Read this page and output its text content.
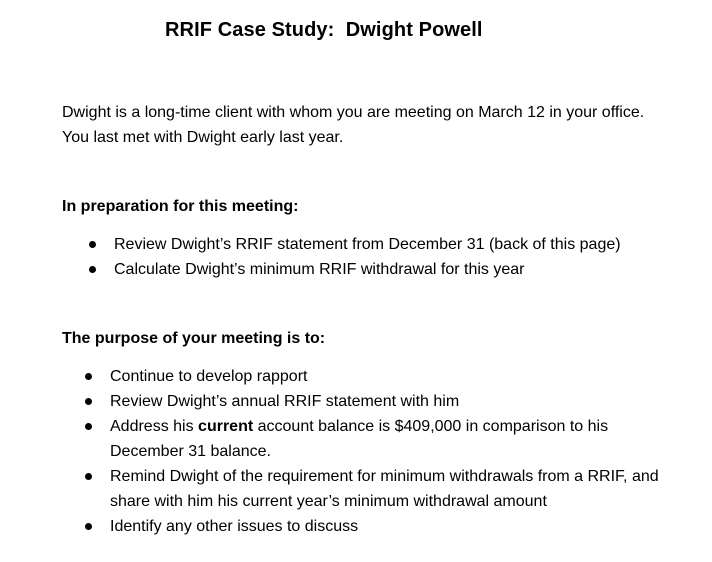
RRIF Case Study:  Dwight Powell
Dwight is a long-time client with whom you are meeting on March 12 in your office.    You last met with Dwight early last year.
In preparation for this meeting:
Review Dwight’s RRIF statement from December 31 (back of this page)
Calculate Dwight’s minimum RRIF withdrawal for this year
The purpose of your meeting is to:
Continue to develop rapport
Review Dwight’s annual RRIF statement with him
Address his current account balance is $409,000 in comparison to his December 31 balance.
Remind Dwight of the requirement for minimum withdrawals from a RRIF, and share with him his current year’s minimum withdrawal amount
Identify any other issues to discuss
